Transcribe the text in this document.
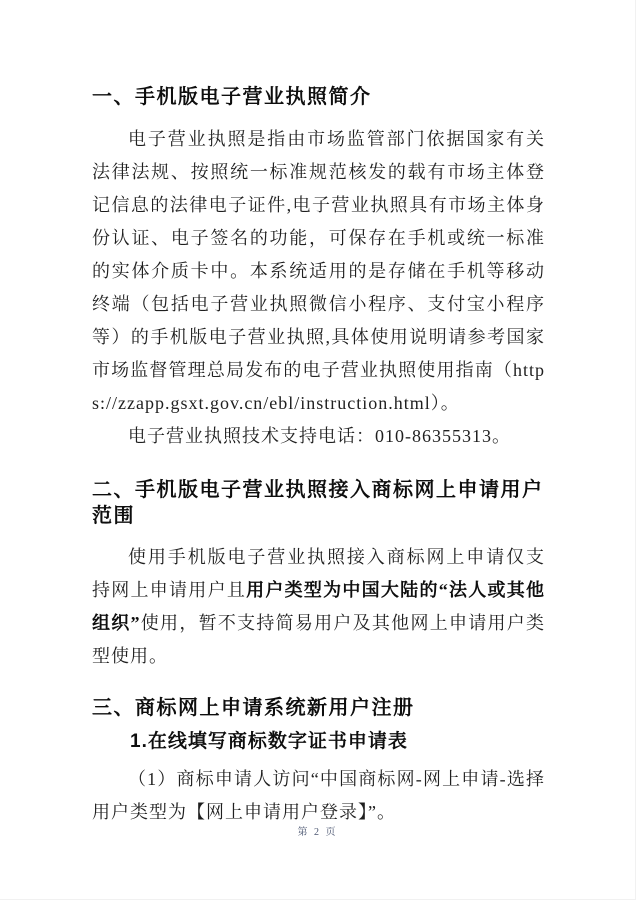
一、手机版电子营业执照简介

电子营业执照是指由市场监管部门依据国家有关法律法规、按照统一标准规范核发的载有市场主体登记信息的法律电子证件,电子营业执照具有市场主体身份认证、电子签名的功能，可保存在手机或统一标准的实体介质卡中。本系统适用的是存储在手机等移动终端（包括电子营业执照微信小程序、支付宝小程序等）的手机版电子营业执照,具体使用说明请参考国家市场监督管理总局发布的电子营业执照使用指南（https://zzapp.gsxt.gov.cn/ebl/instruction.html）。

电子营业执照技术支持电话：010-86355313。

二、手机版电子营业执照接入商标网上申请用户范围

使用手机版电子营业执照接入商标网上申请仅支持网上申请用户且用户类型为中国大陆的“法人或其他组织”使用，暂不支持简易用户及其他网上申请用户类型使用。

三、商标网上申请系统新用户注册
1.在线填写商标数字证书申请表

（1）商标申请人访问“中国商标网-网上申请-选择用户类型为【网上申请用户登录】”。

第 2 页
